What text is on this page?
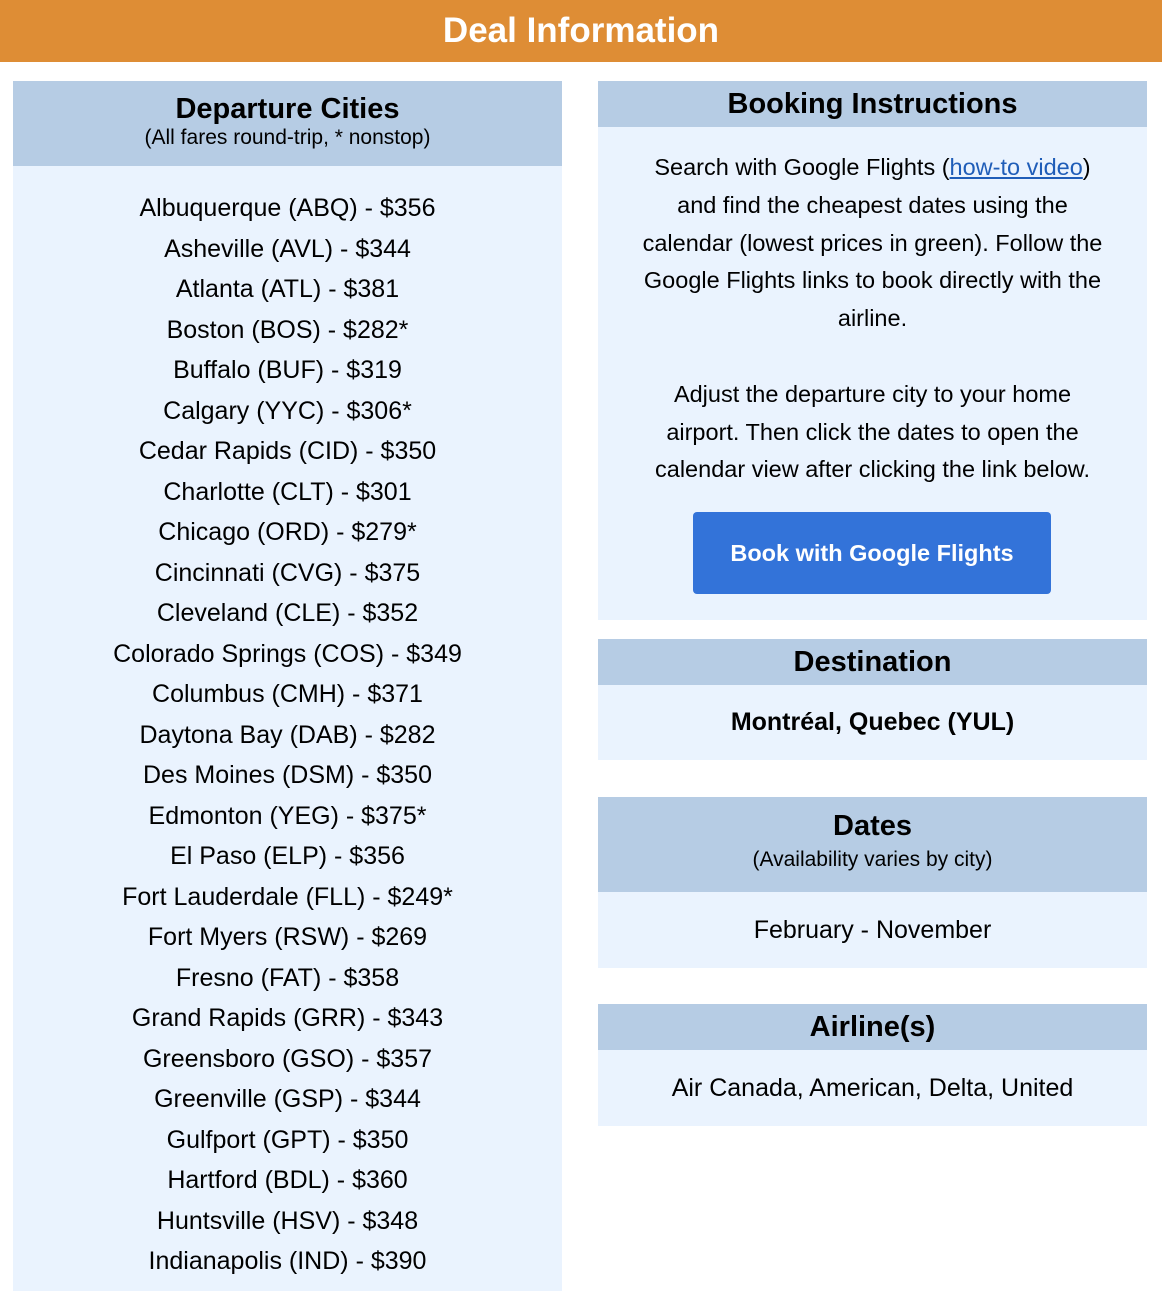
Deal Information
Departure Cities
(All fares round-trip, * nonstop)
Albuquerque (ABQ) - $356
Asheville (AVL) - $344
Atlanta (ATL) - $381
Boston (BOS) - $282*
Buffalo (BUF) - $319
Calgary (YYC) - $306*
Cedar Rapids (CID) - $350
Charlotte (CLT) - $301
Chicago (ORD) - $279*
Cincinnati (CVG) - $375
Cleveland (CLE) - $352
Colorado Springs (COS) - $349
Columbus (CMH) - $371
Daytona Bay (DAB) - $282
Des Moines (DSM) - $350
Edmonton (YEG) - $375*
El Paso (ELP) - $356
Fort Lauderdale (FLL) - $249*
Fort Myers (RSW) - $269
Fresno (FAT) - $358
Grand Rapids (GRR) - $343
Greensboro (GSO) - $357
Greenville (GSP) - $344
Gulfport (GPT) - $350
Hartford (BDL) - $360
Huntsville (HSV) - $348
Indianapolis (IND) - $390
Booking Instructions

Search with Google Flights (how-to video) and find the cheapest dates using the calendar (lowest prices in green). Follow the Google Flights links to book directly with the airline.

Adjust the departure city to your home airport. Then click the dates to open the calendar view after clicking the link below.

Book with Google Flights
Destination
Montréal, Quebec (YUL)
Dates
(Availability varies by city)
February - November
Airline(s)
Air Canada, American, Delta, United
